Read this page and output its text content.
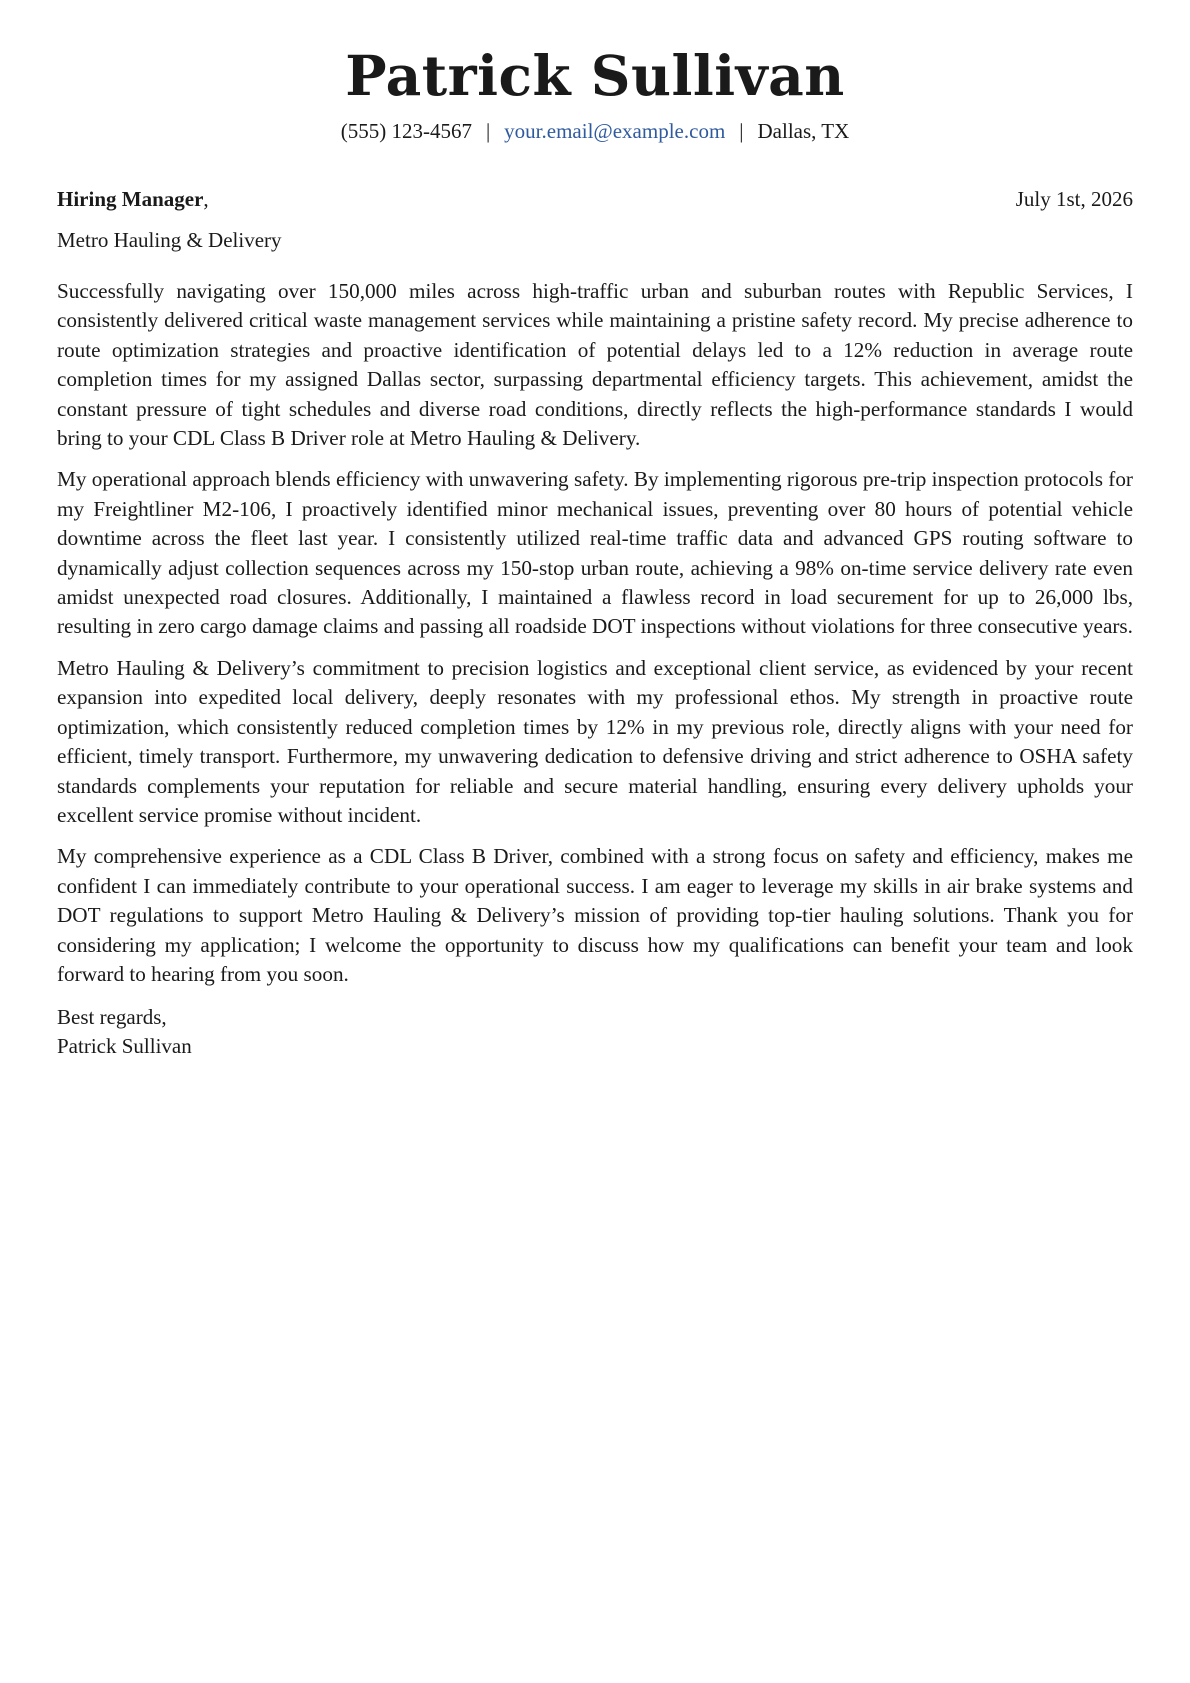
Patrick Sullivan
(555) 123-4567 | your.email@example.com | Dallas, TX
Hiring Manager,	July 1st, 2026
Metro Hauling & Delivery

Successfully navigating over 150,000 miles across high-traffic urban and suburban routes with Republic Services, I consistently delivered critical waste management services while maintaining a pristine safety record. My precise adherence to route optimization strategies and proactive identification of potential delays led to a 12% reduction in average route completion times for my assigned Dallas sector, surpassing departmental efficiency targets. This achievement, amidst the constant pressure of tight schedules and diverse road conditions, directly reflects the high-performance standards I would bring to your CDL Class B Driver role at Metro Hauling & Delivery.

My operational approach blends efficiency with unwavering safety. By implementing rigorous pre-trip inspection protocols for my Freightliner M2-106, I proactively identified minor mechanical issues, preventing over 80 hours of potential vehicle downtime across the fleet last year. I consistently utilized real-time traffic data and advanced GPS routing software to dynamically adjust collection sequences across my 150-stop urban route, achieving a 98% on-time service delivery rate even amidst unexpected road closures. Additionally, I maintained a flawless record in load securement for up to 26,000 lbs, resulting in zero cargo damage claims and passing all roadside DOT inspections without violations for three consecutive years.

Metro Hauling & Delivery’s commitment to precision logistics and exceptional client service, as evidenced by your recent expansion into expedited local delivery, deeply resonates with my professional ethos. My strength in proactive route optimization, which consistently reduced completion times by 12% in my previous role, directly aligns with your need for efficient, timely transport. Furthermore, my unwavering dedication to defensive driving and strict adherence to OSHA safety standards complements your reputation for reliable and secure material handling, ensuring every delivery upholds your excellent service promise without incident.

My comprehensive experience as a CDL Class B Driver, combined with a strong focus on safety and efficiency, makes me confident I can immediately contribute to your operational success. I am eager to leverage my skills in air brake systems and DOT regulations to support Metro Hauling & Delivery’s mission of providing top-tier hauling solutions. Thank you for considering my application; I welcome the opportunity to discuss how my qualifications can benefit your team and look forward to hearing from you soon.

Best regards,
Patrick Sullivan
